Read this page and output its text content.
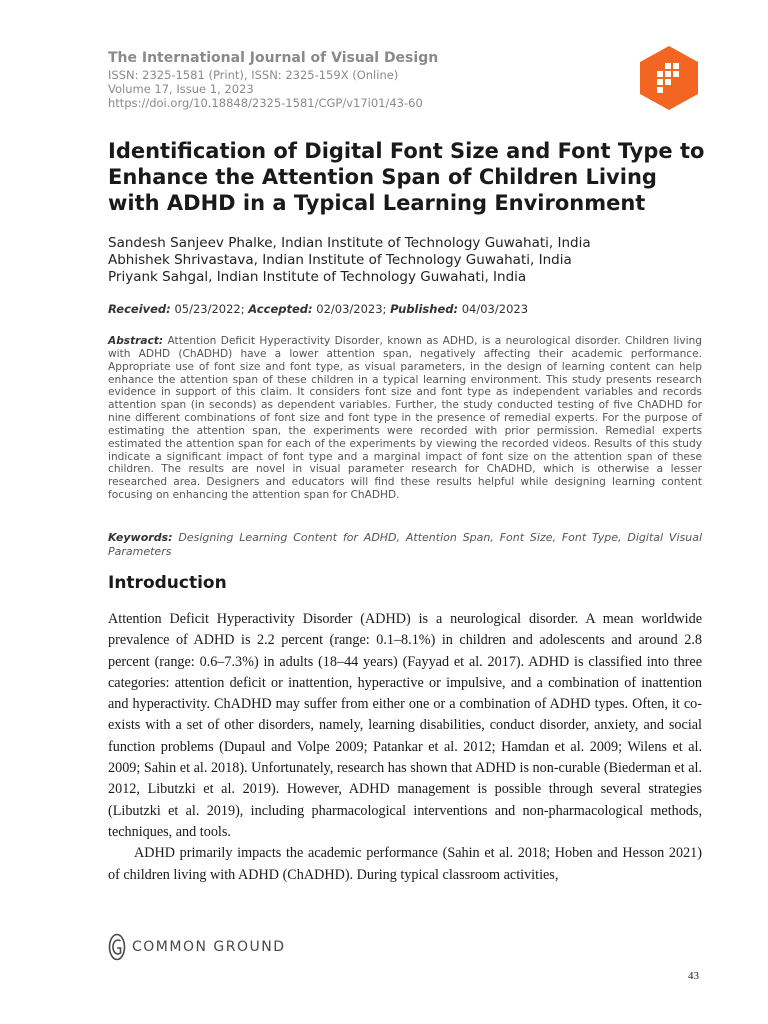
The International Journal of Visual Design
ISSN: 2325-1581 (Print), ISSN: 2325-159X (Online)
Volume 17, Issue 1, 2023
https://doi.org/10.18848/2325-1581/CGP/v17i01/43-60
Identification of Digital Font Size and Font Type to Enhance the Attention Span of Children Living with ADHD in a Typical Learning Environment
Sandesh Sanjeev Phalke, Indian Institute of Technology Guwahati, India
Abhishek Shrivastava, Indian Institute of Technology Guwahati, India
Priyank Sahgal, Indian Institute of Technology Guwahati, India
Received: 05/23/2022; Accepted: 02/03/2023; Published: 04/03/2023
Abstract: Attention Deficit Hyperactivity Disorder, known as ADHD, is a neurological disorder. Children living with ADHD (ChADHD) have a lower attention span, negatively affecting their academic performance. Appropriate use of font size and font type, as visual parameters, in the design of learning content can help enhance the attention span of these children in a typical learning environment. This study presents research evidence in support of this claim. It considers font size and font type as independent variables and records attention span (in seconds) as dependent variables. Further, the study conducted testing of five ChADHD for nine different combinations of font size and font type in the presence of remedial experts. For the purpose of estimating the attention span, the experiments were recorded with prior permission. Remedial experts estimated the attention span for each of the experiments by viewing the recorded videos. Results of this study indicate a significant impact of font type and a marginal impact of font size on the attention span of these children. The results are novel in visual parameter research for ChADHD, which is otherwise a lesser researched area. Designers and educators will find these results helpful while designing learning content focusing on enhancing the attention span for ChADHD.
Keywords: Designing Learning Content for ADHD, Attention Span, Font Size, Font Type, Digital Visual Parameters
Introduction

Attention Deficit Hyperactivity Disorder (ADHD) is a neurological disorder. A mean worldwide prevalence of ADHD is 2.2 percent (range: 0.1–8.1%) in children and adolescents and around 2.8 percent (range: 0.6–7.3%) in adults (18–44 years) (Fayyad et al. 2017). ADHD is classified into three categories: attention deficit or inattention, hyperactive or impulsive, and a combination of inattention and hyperactivity. ChADHD may suffer from either one or a combination of ADHD types. Often, it co-exists with a set of other disorders, namely, learning disabilities, conduct disorder, anxiety, and social function problems (Dupaul and Volpe 2009; Patankar et al. 2012; Hamdan et al. 2009; Wilens et al. 2009; Sahin et al. 2018). Unfortunately, research has shown that ADHD is non-curable (Biederman et al. 2012, Libutzki et al. 2019). However, ADHD management is possible through several strategies (Libutzki et al. 2019), including pharmacological interventions and non-pharmacological methods, techniques, and tools.

ADHD primarily impacts the academic performance (Sahin et al. 2018; Hoben and Hesson 2021) of children living with ADHD (ChADHD). During typical classroom activities,

COMMON GROUND
43
